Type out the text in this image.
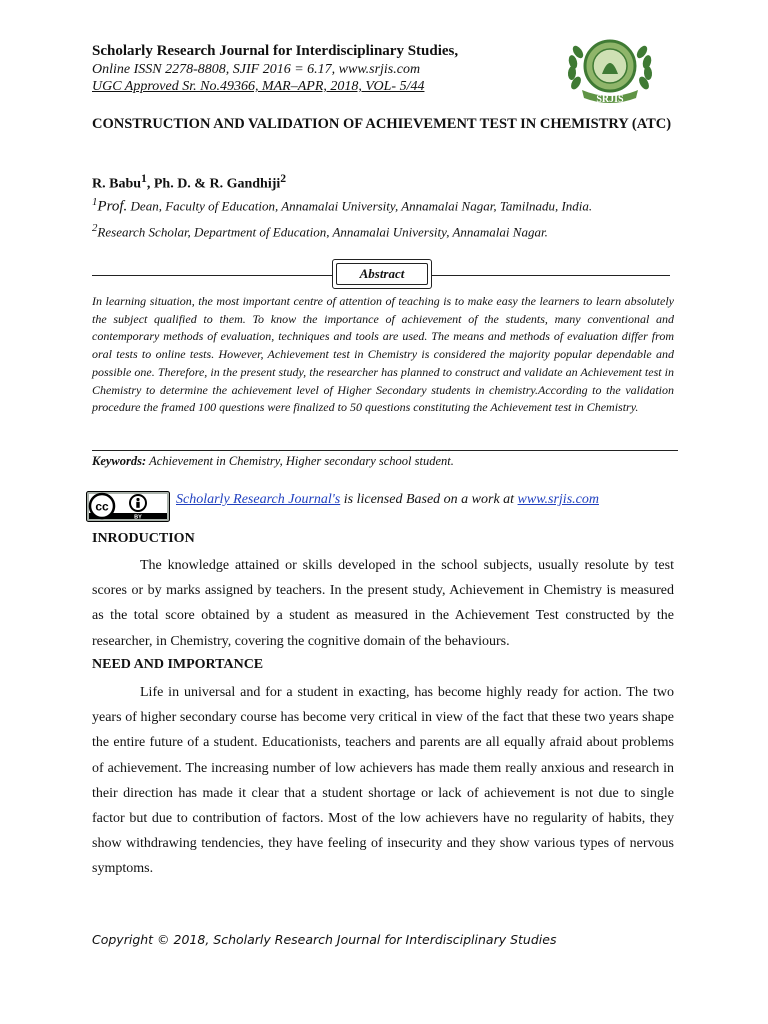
Scholarly Research Journal for Interdisciplinary Studies,
Online ISSN 2278-8808, SJIF 2016 = 6.17, www.srjis.com
UGC Approved Sr. No.49366, MAR–APR, 2018, VOL- 5/44
SRJIS
CONSTRUCTION AND VALIDATION OF ACHIEVEMENT TEST IN CHEMISTRY (ATC)
R. Babu$^1$, Ph. D. & R. Gandhiji$^2$
$^1$Prof. Dean, Faculty of Education, Annamalai University, Annamalai Nagar, Tamilnadu, India.
$^2$Research Scholar, Department of Education, Annamalai University, Annamalai Nagar.
Abstract
In learning situation, the most important centre of attention of teaching is to make easy the learners to learn absolutely the subject qualified to them. To know the importance of achievement of the students, many conventional and contemporary methods of evaluation, techniques and tools are used. The means and methods of evaluation differ from oral tests to online tests. However, Achievement test in Chemistry is considered the majority popular dependable and possible one. Therefore, in the present study, the researcher has planned to construct and validate an Achievement test in Chemistry to determine the achievement level of Higher Secondary students in chemistry.According to the validation procedure the framed 100 questions were finalized to 50 questions constituting the Achievement test in Chemistry.
Keywords: Achievement in Chemistry, Higher secondary school student.
cc
BY
Scholarly Research Journal's is licensed Based on a work at www.srjis.com
INRODUCTION
The knowledge attained or skills developed in the school subjects, usually resolute by test scores or by marks assigned by teachers. In the present study, Achievement in Chemistry is measured as the total score obtained by a student as measured in the Achievement Test constructed by the researcher, in Chemistry, covering the cognitive domain of the behaviours.
NEED AND IMPORTANCE
Life in universal and for a student in exacting, has become highly ready for action. The two years of higher secondary course has become very critical in view of the fact that these two years shape the entire future of a student. Educationists, teachers and parents are all equally afraid about problems of achievement. The increasing number of low achievers has made them really anxious and research in their direction has made it clear that a student shortage or lack of achievement is not due to single factor but due to contribution of factors. Most of the low achievers have no regularity of habits, they show withdrawing tendencies, they have feeling of insecurity and they show various types of nervous symptoms.
Copyright © 2018, Scholarly Research Journal for Interdisciplinary Studies
